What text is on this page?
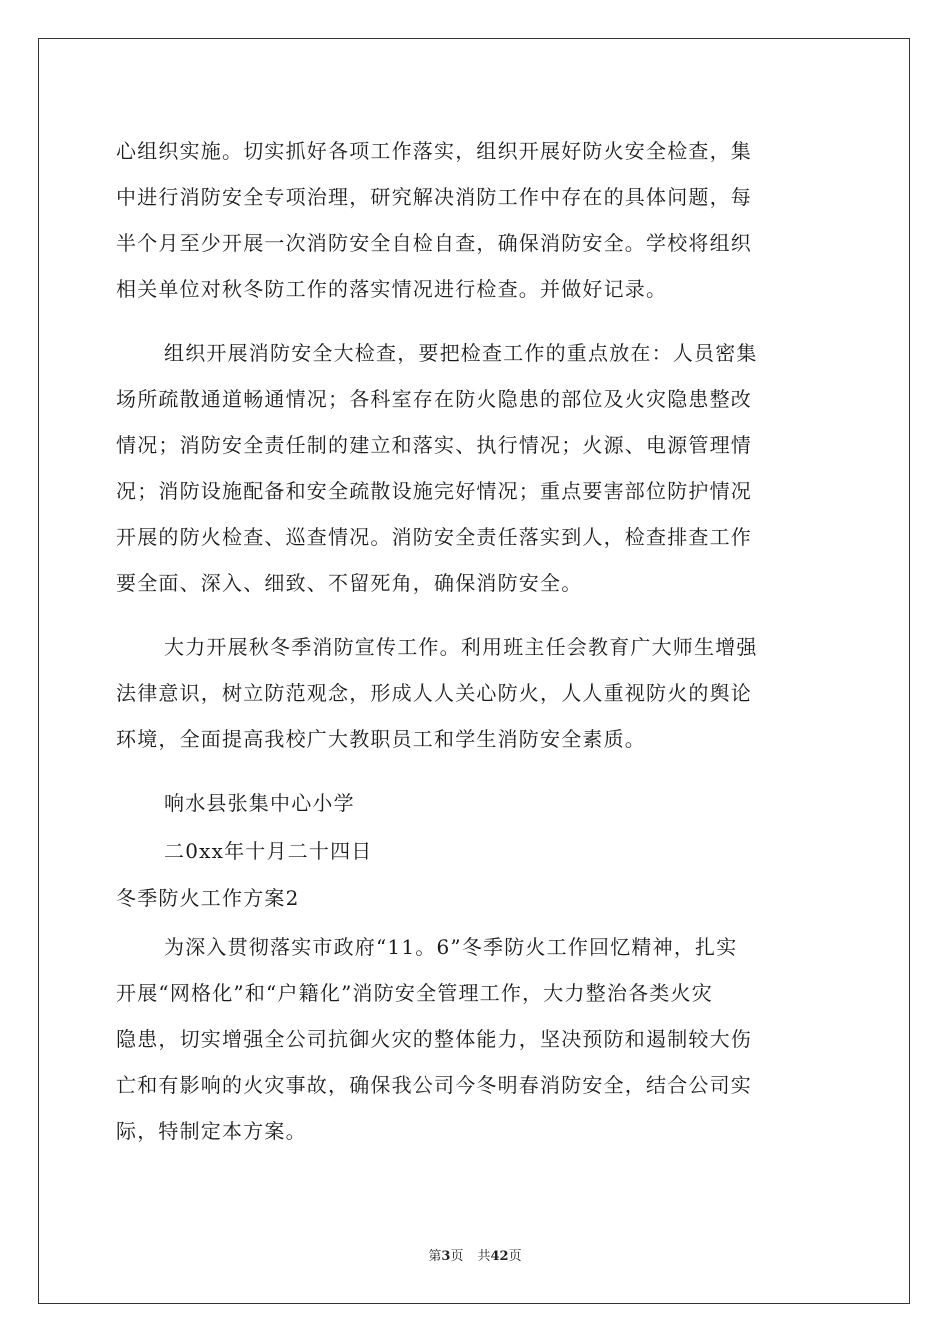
心组织实施。切实抓好各项工作落实，组织开展好防火安全检查，集
中进行消防安全专项治理，研究解决消防工作中存在的具体问题，每
半个月至少开展一次消防安全自检自查，确保消防安全。学校将组织
相关单位对秋冬防工作的落实情况进行检查。并做好记录。
组织开展消防安全大检查，要把检查工作的重点放在：人员密集
场所疏散通道畅通情况；各科室存在防火隐患的部位及火灾隐患整改
情况；消防安全责任制的建立和落实、执行情况；火源、电源管理情
况；消防设施配备和安全疏散设施完好情况；重点要害部位防护情况
开展的防火检查、巡查情况。消防安全责任落实到人，检查排查工作
要全面、深入、细致、不留死角，确保消防安全。
大力开展秋冬季消防宣传工作。利用班主任会教育广大师生增强
法律意识，树立防范观念，形成人人关心防火，人人重视防火的舆论
环境，全面提高我校广大教职员工和学生消防安全素质。
响水县张集中心小学
二0xx年十月二十四日
冬季防火工作方案2
为深入贯彻落实市政府“11。6”冬季防火工作回忆精神，扎实
开展“网格化”和“户籍化”消防安全管理工作，大力整治各类火灾
隐患，切实增强全公司抗御火灾的整体能力，坚决预防和遏制较大伤
亡和有影响的火灾事故，确保我公司今冬明春消防安全，结合公司实
际，特制定本方案。
第3页 共42页
